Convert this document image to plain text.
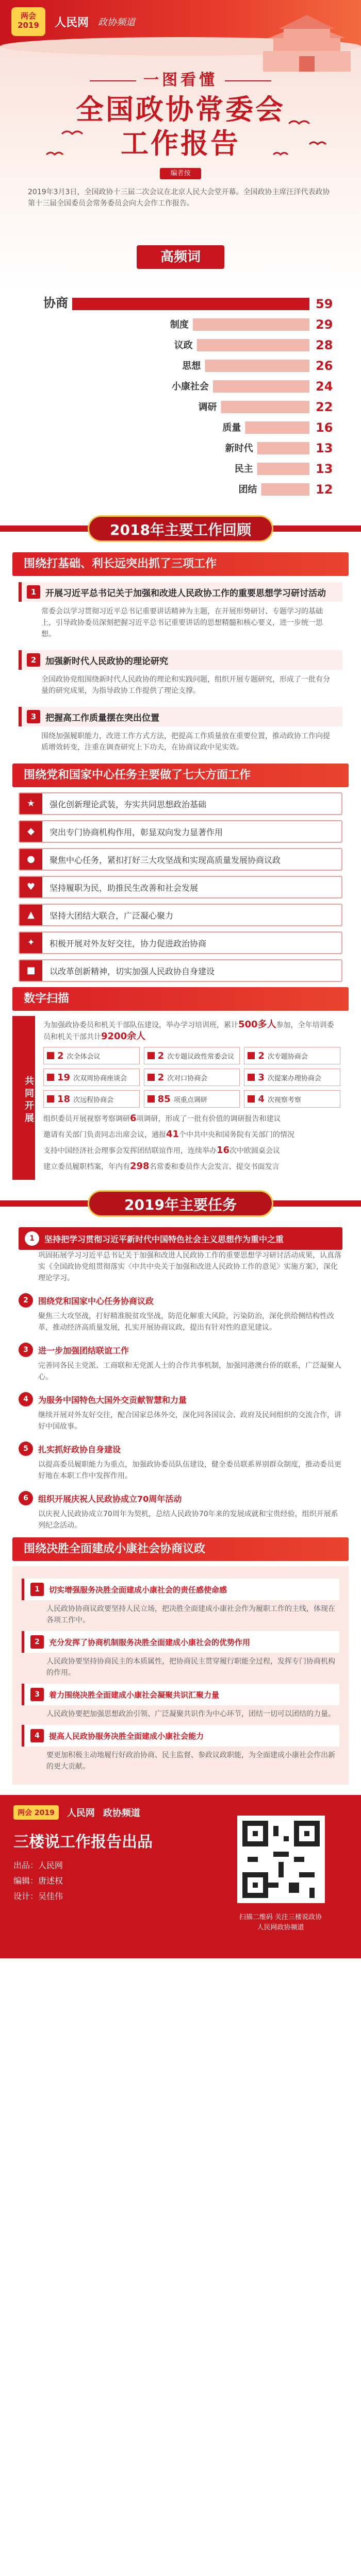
两会 2019	人民网 政协频道
一图看懂
全国政协常委会
工作报告
编者按
2019年3月3日，全国政协十三届二次会议在北京人民大会堂开幕。全国政协主席汪洋代表政协第十三届全国委员会常务委员会向大会作工作报告。
高频词
协商	59
制度	29
议政	28
思想	26
小康社会	24
调研	22
质量	16
新时代	13
民主	13
团结	12
2018年主要工作回顾
围绕打基础、利长远突出抓了三项工作
1	开展习近平总书记关于加强和改进人民政协工作的重要思想学习研讨活动
常委会以学习贯彻习近平总书记重要讲话精神为主题，在开展形势研讨、专题学习的基础上，引导政协委员深刻把握习近平总书记重要讲话的思想精髓和核心要义，进一步统一思想。
2	加强新时代人民政协的理论研究
全国政协党组围绕新时代人民政协的理论和实践问题，组织开展专题研究，形成了一批有分量的研究成果，为指导政协工作提供了理论支撑。
3	把握高工作质量摆在突出位置
围绕加强履职能力，改进工作方式方法，把提高工作质量放在重要位置，推动政协工作向提质增效转变，注重在调查研究上下功夫，在协商议政中见实效。
围绕党和国家中心任务主要做了七大方面工作
★	强化创新理论武装，夯实共同思想政治基础
◆	突出专门协商机构作用，彰显双向发力显著作用
●	聚焦中心任务，紧扣打好三大攻坚战和实现高质量发展协商议政
♥	坚持履职为民，助推民生改善和社会发展
▲	坚持大团结大联合，广泛凝心聚力
✦	积极开展对外友好交往，协力促进政治协商
■	以改革创新精神，切实加强人民政协自身建设
数字扫描
共同开展
为加强政协委员和机关干部队伍建设，举办学习培训班，累计500多人参加，全年培训委员和机关干部共计9200余人
2 次全体会议	2 次专题议政性常委会议	2 次专题协商会
19 次双周协商座谈会	2 次对口协商会	3 次提案办理协商会
18 次远程协商会	85 项重点调研	4 次视察考察
组织委员开展视察考察调研6项调研，形成了一批有价值的调研报告和建议
邀请有关部门负责同志出席会议，通报41个中共中央和国务院有关部门的情况
支持中国经济社会理事会发挥团结联谊作用，连续举办16次中欧圆桌会议
建立委员履职档案，年内有298名常委和委员作大会发言、提交书面发言
2019年主要任务
1	坚持把学习贯彻习近平新时代中国特色社会主义思想作为重中之重
巩固拓展学习习近平总书记关于加强和改进人民政协工作的重要思想学习研讨活动成果，认真落实《全国政协党组贯彻落实〈中共中央关于加强和改进人民政协工作的意见〉实施方案》，深化理论学习。
2	围绕党和国家中心任务协商议政
聚焦三大攻坚战，打好精准脱贫攻坚战，防范化解重大风险，污染防治，深化供给侧结构性改革，推动经济高质量发展，扎实开展协商议政，提出有针对性的意见建议。
3	进一步加强团结联谊工作
完善同各民主党派、工商联和无党派人士的合作共事机制，加强同港澳台侨的联系，广泛凝聚人心。
4	为服务中国特色大国外交贡献智慧和力量
继续开展对外友好交往，配合国家总体外交，深化同各国议会、政府及民间组织的交流合作，讲好中国故事。
5	扎实抓好政协自身建设
以提高委员履职能力为重点，加强政协委员队伍建设，健全委员联系界别群众制度，推动委员更好地在本职工作中发挥作用。
6	组织开展庆祝人民政协成立70周年活动
以庆祝人民政协成立70周年为契机，总结人民政协70年来的发展成就和宝贵经验，组织开展系列纪念活动。
围绕决胜全面建成小康社会协商议政
1	切实增强服务决胜全面建成小康社会的责任感使命感
人民政协协商议政要坚持人民立场，把决胜全面建成小康社会作为履职工作的主线，体现在各项工作中。
2	充分发挥了协商机制服务决胜全面建成小康社会的优势作用
人民政协要坚持协商民主的本质属性，把协商民主贯穿履行职能全过程，发挥专门协商机构的作用。
3	着力围绕决胜全面建成小康社会凝聚共识汇聚力量
人民政协要把加强思想政治引领、广泛凝聚共识作为中心环节，团结一切可以团结的力量。
4	提高人民政协服务决胜全面建成小康社会能力
要更加积极主动地履行好政治协商、民主监督、参政议政职能，为全面建成小康社会作出新的更大贡献。
两会 2019	人民网 政协频道
三楼说工作报告出品
出品：人民网
编辑：唐述权
设计：吴佳伟
扫描二维码 关注三楼说政协
人民网政协频道
